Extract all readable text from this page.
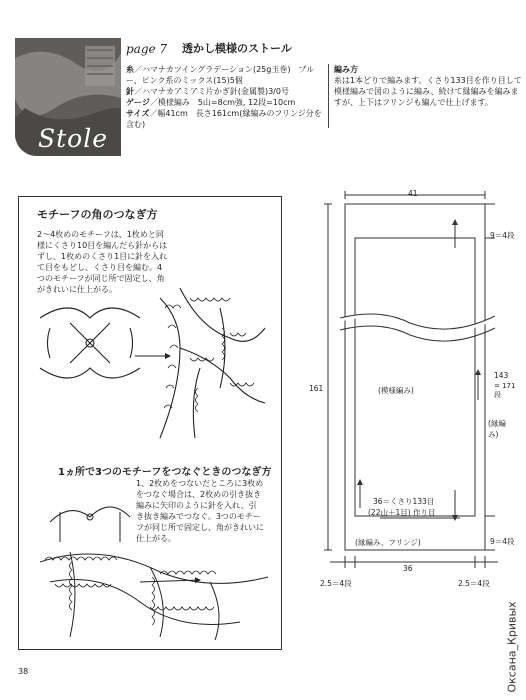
Stole
page 7 透かし模様のストール
糸／ハマナカツイングラデーション(25g玉巻)　ブルー、ピンク系のミックス(15)5個
針／ハマナカアミアミ片かぎ針(金属製)3/0号
ゲージ／模様編み　5山=8cm強, 12段=10cm
サイズ／幅41cm　長さ161cm(縁編みのフリンジ分を含む)
編み方
糸は1本どりで編みます。くさり133目を作り目して模様編みで図のように編み、続けて縁編みを編みますが、上下はフリンジも編んで仕上げます。
モチーフの角のつなぎ方
2～4枚めのモチーフは、1枚めと同様にくさり10目を編んだら針からはずし、1枚めのくさり1目に針を入れて目をもどし、くさり目を編む。4つのモチーフが同じ所で固定し、角がきれいに仕上がる。
1ヵ所で3つのモチーフをつなぐときのつなぎ方
1、2枚めをつないだところに3枚めをつなぐ場合は、2枚めの引き抜き編みに矢印のように針を入れ、引き抜き編みでつなぐ。3つのモチーフが同じ所で固定し、角がきれいに仕上がる。
41
36
161
9＝4段
9＝4段
143
= 171段
(模様編み)
(縁編み)
36＝くさり133目
(22山＋1目) 作り目
(縁編み、フリンジ)
2.5＝4段	2.5＝4段
38	Оксана_Кривых
